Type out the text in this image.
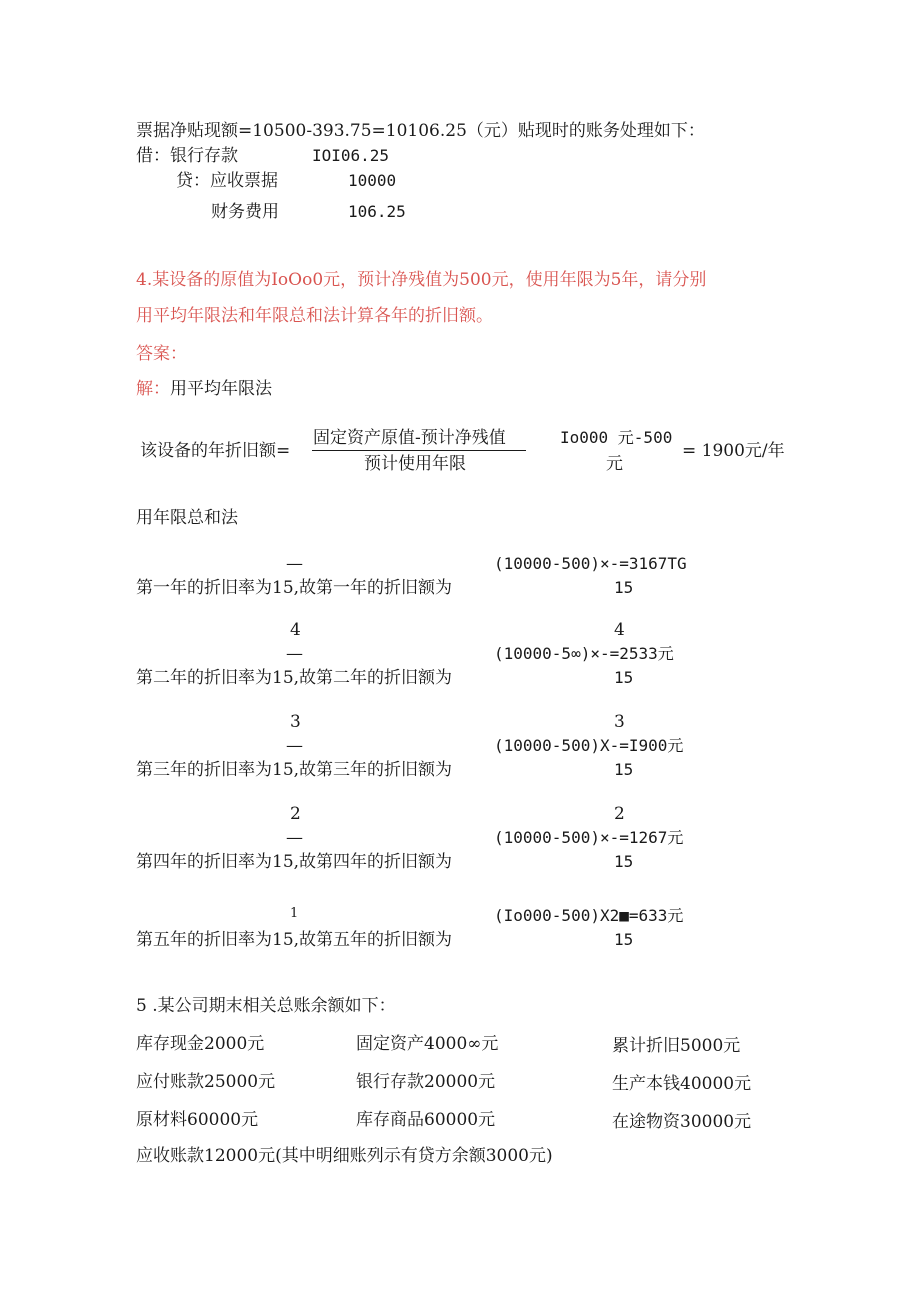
票据净贴现额=10500-393.75=10106.25（元）贴现时的账务处理如下：
借：银行存款	IOI06.25
贷：应收票据	10000
财务费用	106.25
4.某设备的原值为IoOo0元，预计净残值为500元，使用年限为5年，请分别
用平均年限法和年限总和法计算各年的折旧额。
答案：
解：用平均年限法
该设备的年折旧额=
固定资产原值-预计净残值
预计使用年限
Io000 元-500
元
= 1900元/年
用年限总和法
—
第一年的折旧率为15,故第一年的折旧额为
(10000-500)×-=3167TG
15
4
—
第二年的折旧率为15,故第二年的折旧额为
4
(10000-5∞)×-=2533元
15
3
—
第三年的折旧率为15,故第三年的折旧额为
3
(10000-500)X-=I900元
15
2
—
第四年的折旧率为15,故第四年的折旧额为
2
(10000-500)×-=1267元
15
1
第五年的折旧率为15,故第五年的折旧额为
(Io000-500)X2■=633元
15
5 .某公司期末相关总账余额如下：
库存现金2000元	固定资产4000∞元	累计折旧5000元
应付账款25000元	银行存款20000元	生产本钱40000元
原材料60000元	库存商品60000元	在途物资30000元
应收账款12000元(其中明细账列示有贷方余额3000元)
